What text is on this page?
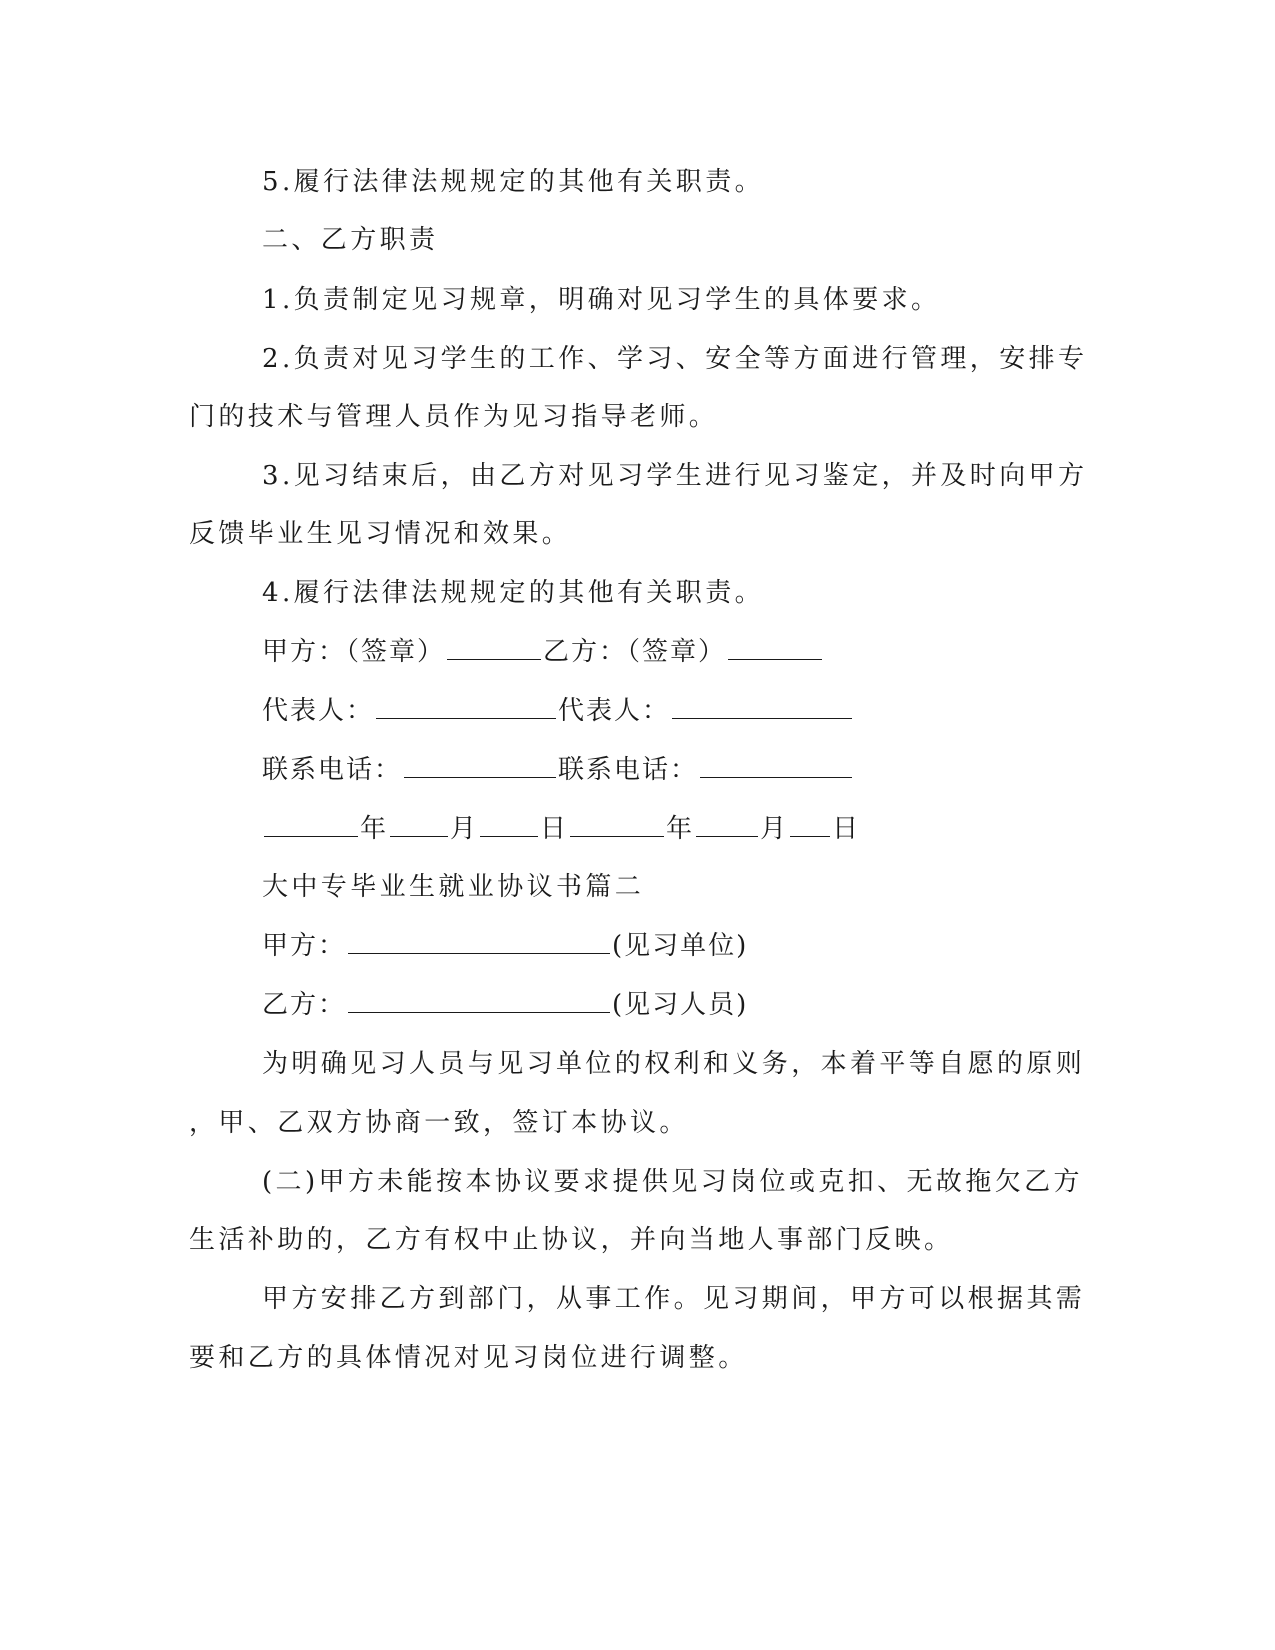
5.履行法律法规规定的其他有关职责。
二、乙方职责
1.负责制定见习规章，明确对见习学生的具体要求。
2.负责对见习学生的工作、学习、安全等方面进行管理，安排专
门的技术与管理人员作为见习指导老师。
3.见习结束后，由乙方对见习学生进行见习鉴定，并及时向甲方
反馈毕业生见习情况和效果。
4.履行法律法规规定的其他有关职责。
甲方：（签章）	乙方：（签章）
代表人：	代表人：
联系电话：	联系电话：
年 月 日	年	月 日
大中专毕业生就业协议书篇二
甲方：	(见习单位)
乙方：	(见习人员)
为明确见习人员与见习单位的权利和义务，本着平等自愿的原则
，甲、乙双方协商一致，签订本协议。
(二)甲方未能按本协议要求提供见习岗位或克扣、无故拖欠乙方
生活补助的，乙方有权中止协议，并向当地人事部门反映。
甲方安排乙方到部门，从事工作。见习期间，甲方可以根据其需
要和乙方的具体情况对见习岗位进行调整。
